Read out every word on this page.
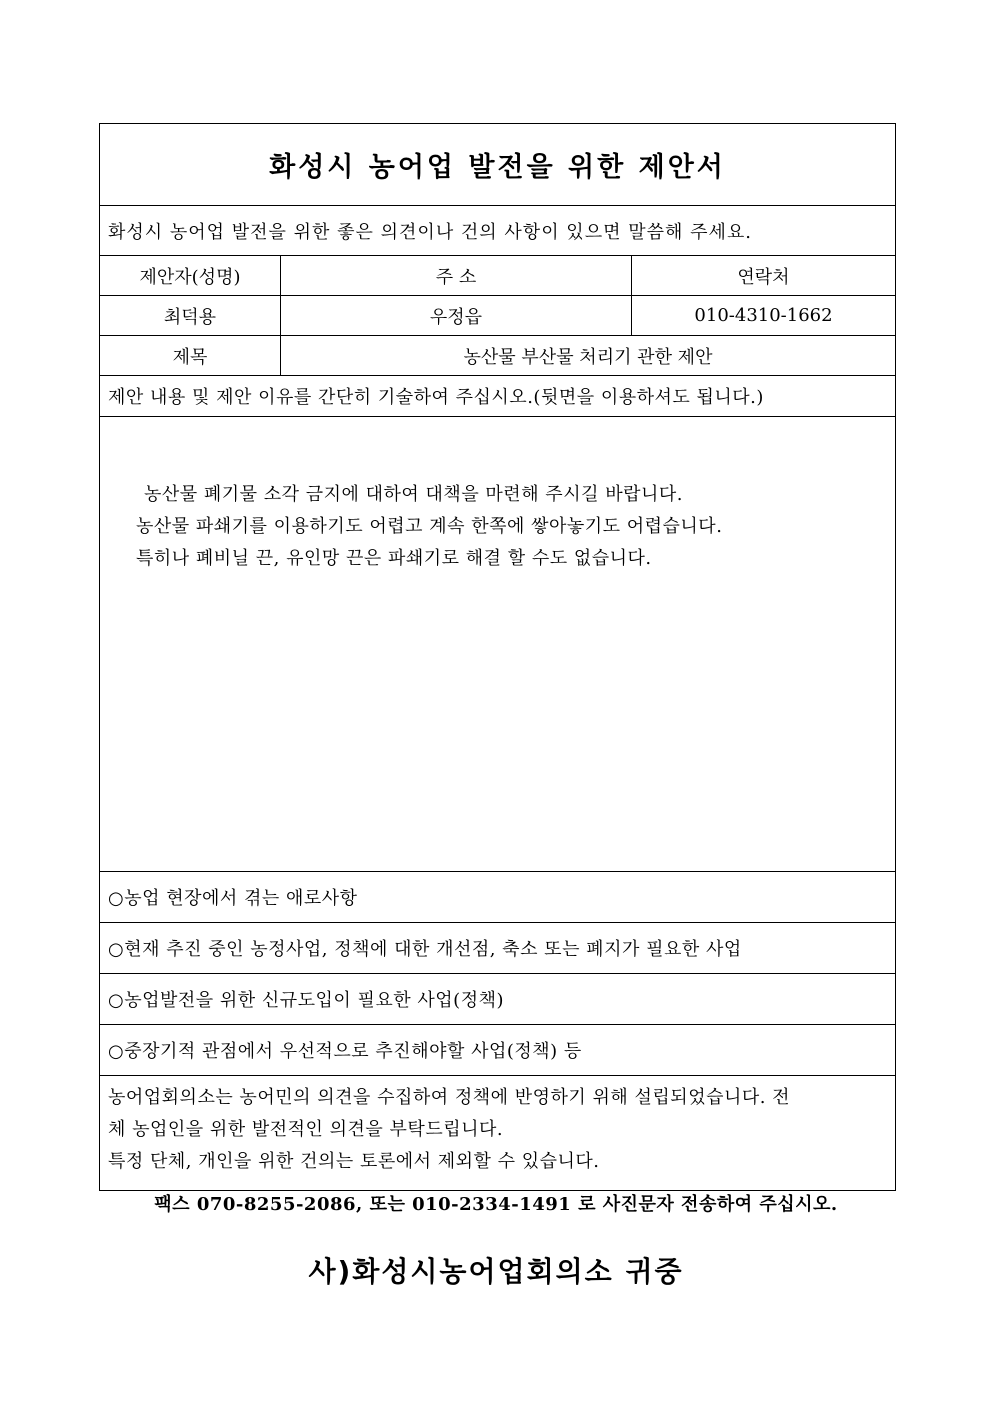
화성시 농어업 발전을 위한 제안서
화성시 농어업 발전을 위한 좋은 의견이나 건의 사항이 있으면 말씀해 주세요.
제안자(성명)	주 소	연락처
최덕용	우정읍	010-4310-1662
제목	농산물 부산물 처리기 관한 제안
제안 내용 및 제안 이유를 간단히 기술하여 주십시오.(뒷면을 이용하셔도 됩니다.)

농산물 폐기물 소각 금지에 대하여 대책을 마련해 주시길 바랍니다.

농산물 파쇄기를 이용하기도 어렵고 계속 한쪽에 쌓아놓기도 어렵습니다.

특히나 폐비닐 끈, 유인망 끈은 파쇄기로 해결 할 수도 없습니다.

○농업 현장에서 겪는 애로사항
○현재 추진 중인 농정사업, 정책에 대한 개선점, 축소 또는 폐지가 필요한 사업
○농업발전을 위한 신규도입이 필요한 사업(정책)
○중장기적 관점에서 우선적으로 추진해야할 사업(정책) 등

농어업회의소는 농어민의 의견을 수집하여 정책에 반영하기 위해 설립되었습니다. 전

체 농업인을 위한 발전적인 의견을 부탁드립니다.

특정 단체, 개인을 위한 건의는 토론에서 제외할 수 있습니다.

팩스 070-8255-2086, 또는 010-2334-1491 로 사진문자 전송하여 주십시오.
사)화성시농어업회의소 귀중
